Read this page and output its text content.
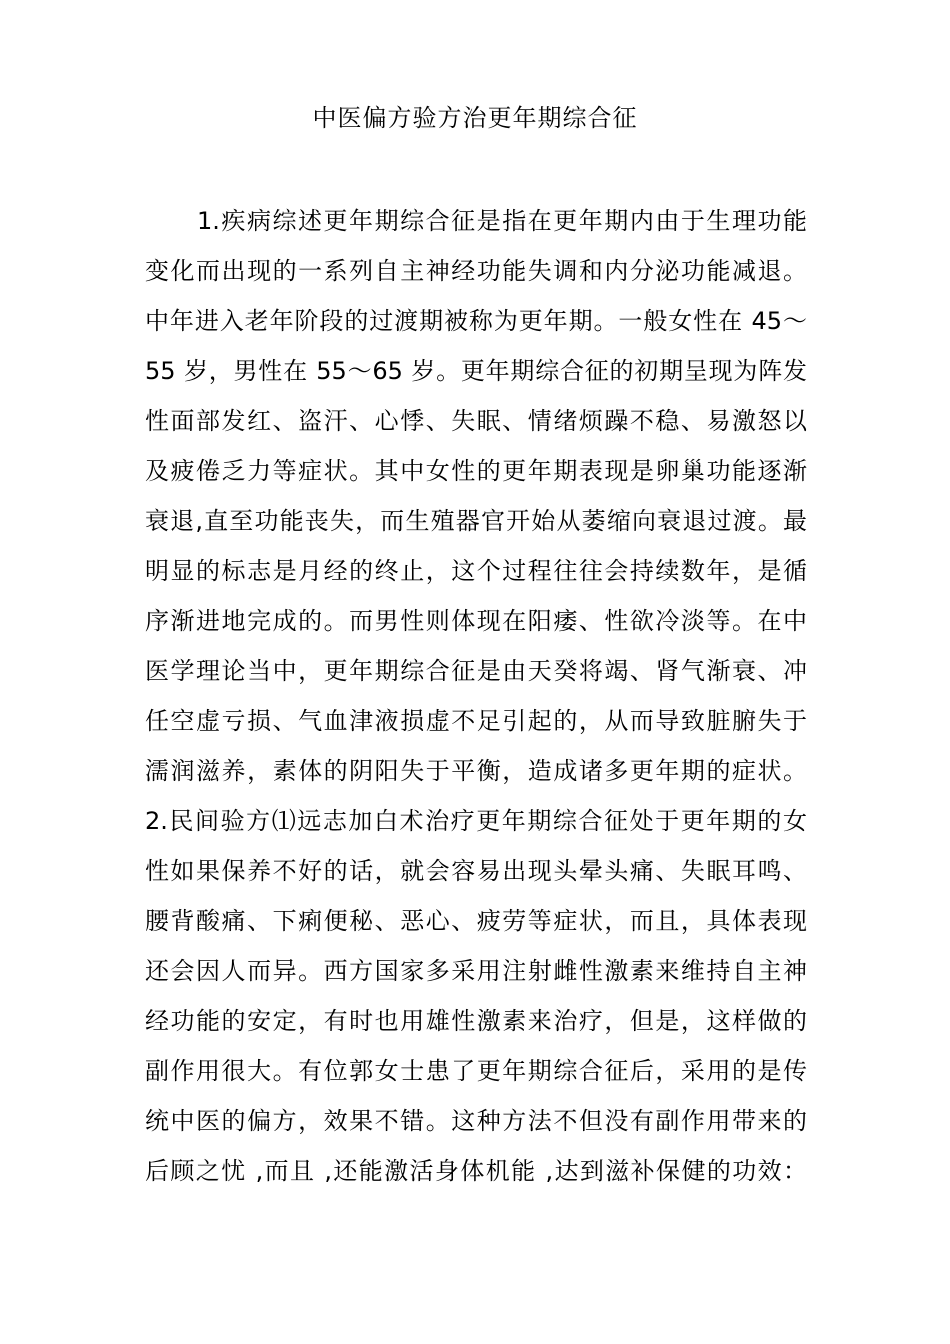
中医偏方验方治更年期综合征
1.疾病综述更年期综合征是指在更年期内由于生理功能
变化而出现的一系列自主神经功能失调和内分泌功能减退。
中年进入老年阶段的过渡期被称为更年期。一般女性在 45～
55 岁，男性在 55～65 岁。更年期综合征的初期呈现为阵发
性面部发红、盗汗、心悸、失眠、情绪烦躁不稳、易激怒以
及疲倦乏力等症状。其中女性的更年期表现是卵巢功能逐渐
衰退,直至功能丧失，而生殖器官开始从萎缩向衰退过渡。最
明显的标志是月经的终止，这个过程往往会持续数年，是循
序渐进地完成的。而男性则体现在阳痿、性欲冷淡等。在中
医学理论当中，更年期综合征是由天癸将竭、肾气渐衰、冲
任空虚亏损、气血津液损虚不足引起的，从而导致脏腑失于
濡润滋养，素体的阴阳失于平衡，造成诸多更年期的症状。
2.民间验方⑴远志加白术治疗更年期综合征处于更年期的女
性如果保养不好的话，就会容易出现头晕头痛、失眠耳鸣、
腰背酸痛、下痢便秘、恶心、疲劳等症状，而且，具体表现
还会因人而异。西方国家多采用注射雌性激素来维持自主神
经功能的安定，有时也用雄性激素来治疗，但是，这样做的
副作用很大。有位郭女士患了更年期综合征后，采用的是传
统中医的偏方，效果不错。这种方法不但没有副作用带来的
后顾之忧 ,而且 ,还能激活身体机能 ,达到滋补保健的功效：
